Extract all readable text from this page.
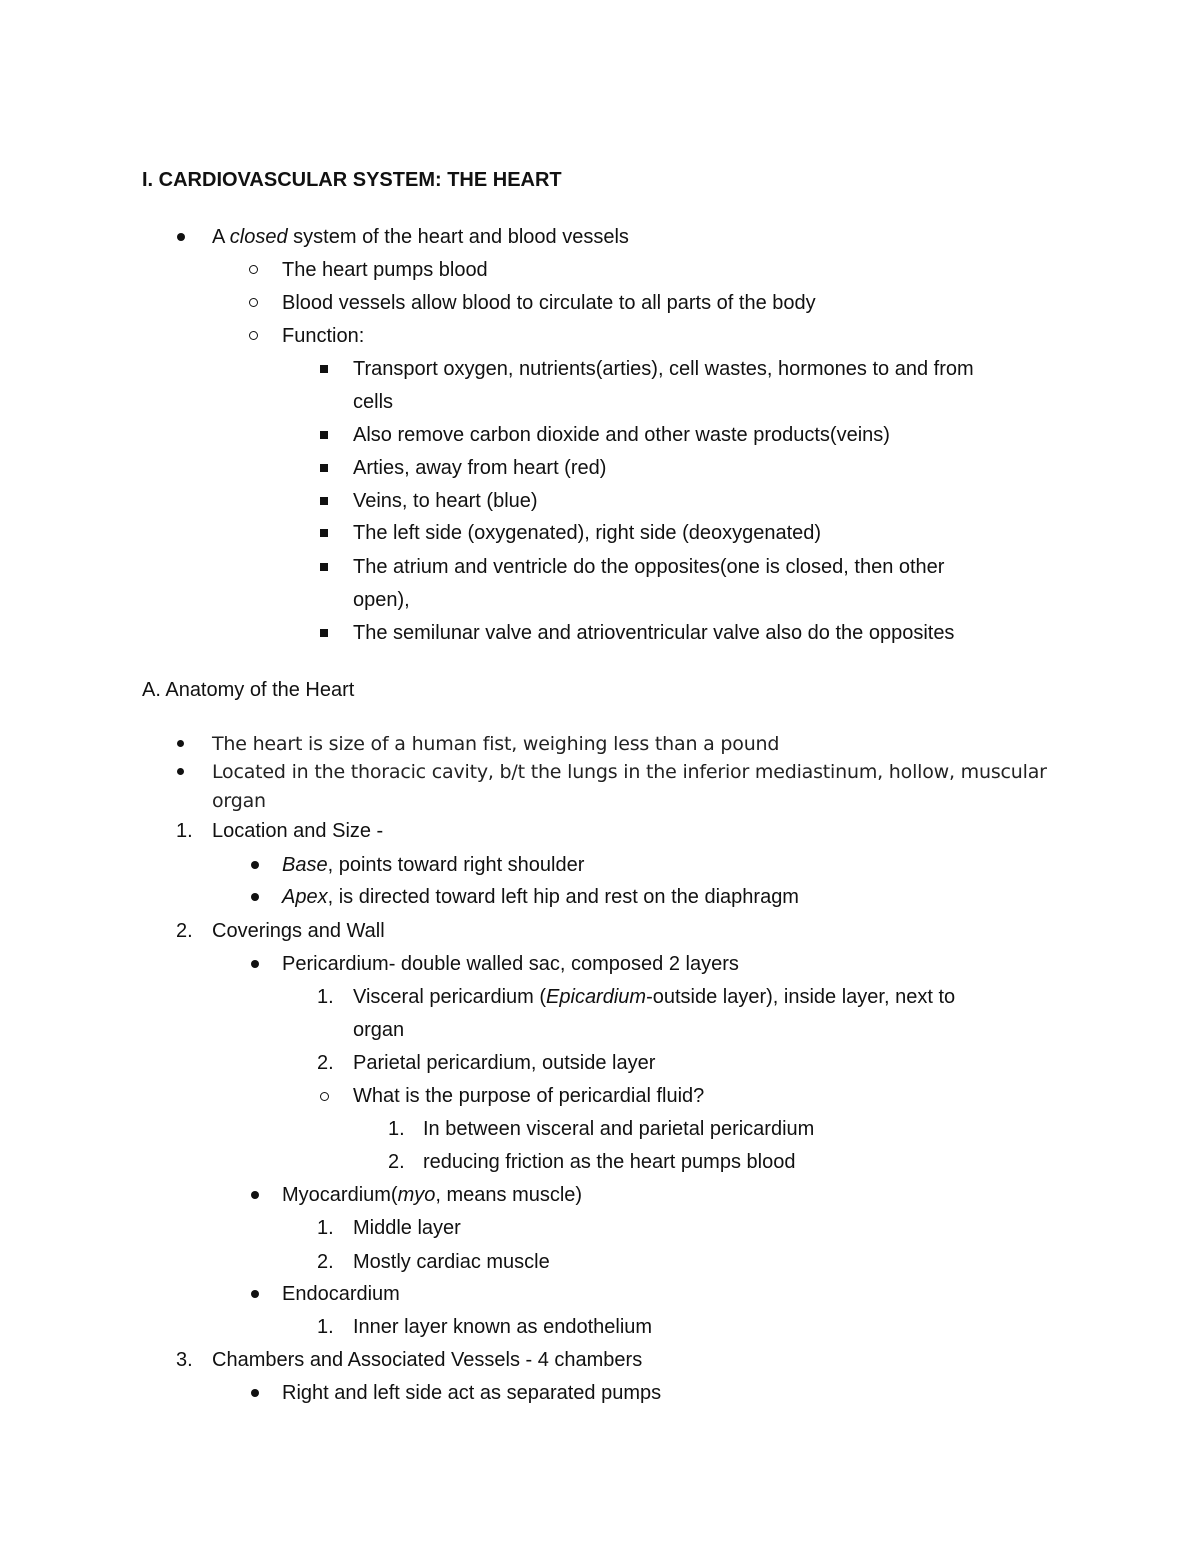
I. CARDIOVASCULAR SYSTEM: THE HEART
A closed system of the heart and blood vessels
The heart pumps blood
Blood vessels allow blood to circulate to all parts of the body
Function:
Transport oxygen, nutrients(arties), cell wastes, hormones to and from
cells
Also remove carbon dioxide and other waste products(veins)
Arties, away from heart (red)
Veins, to heart (blue)
The left side (oxygenated), right side (deoxygenated)
The atrium and ventricle do the opposites(one is closed, then other
open),
The semilunar valve and atrioventricular valve also do the opposites
A. Anatomy of the Heart
The heart is size of a human fist, weighing less than a pound
Located in the thoracic cavity, b/t the lungs in the inferior mediastinum, hollow, muscular
organ
1. Location and Size -
Base, points toward right shoulder
Apex, is directed toward left hip and rest on the diaphragm
2. Coverings and Wall
Pericardium- double walled sac, composed 2 layers
1. Visceral pericardium (Epicardium-outside layer), inside layer, next to
organ
2. Parietal pericardium, outside layer
What is the purpose of pericardial fluid?
1. In between visceral and parietal pericardium
2. reducing friction as the heart pumps blood
Myocardium(myo, means muscle)
1. Middle layer
2. Mostly cardiac muscle
Endocardium
1. Inner layer known as endothelium
3. Chambers and Associated Vessels - 4 chambers
Right and left side act as separated pumps
